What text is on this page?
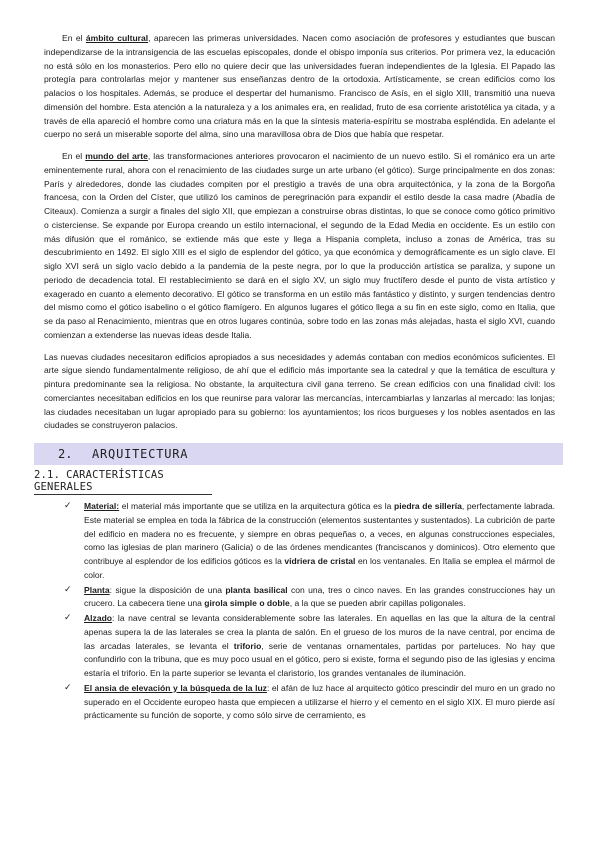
En el ámbito cultural, aparecen las primeras universidades. Nacen como asociación de profesores y estudiantes que buscan independizarse de la intransigencia de las escuelas episcopales, donde el obispo imponía sus criterios. Por primera vez, la educación no está sólo en los monasterios. Pero ello no quiere decir que las universidades fueran independientes de la Iglesia. El Papado las protegía para controlarlas mejor y mantener sus enseñanzas dentro de la ortodoxia. Artísticamente, se crean edificios como los palacios o los hospitales. Además, se produce el despertar del humanismo. Francisco de Asís, en el siglo XIII, transmitió una nueva dimensión del hombre. Esta atención a la naturaleza y a los animales era, en realidad, fruto de esa corriente aristotélica ya citada, y a través de ella apareció el hombre como una criatura más en la que la síntesis materia-espíritu se mostraba espléndida. En adelante el cuerpo no será un miserable soporte del alma, sino una maravillosa obra de Dios que había que respetar.

En el mundo del arte, las transformaciones anteriores provocaron el nacimiento de un nuevo estilo. Si el románico era un arte eminentemente rural, ahora con el renacimiento de las ciudades surge un arte urbano (el gótico). Surge principalmente en dos zonas: París y alrededores, donde las ciudades compiten por el prestigio a través de una obra arquitectónica, y la zona de la Borgoña francesa, con la Orden del Císter, que utilizó los caminos de peregrinación para expandir el estilo desde la casa madre (Abadía de Citeaux). Comienza a surgir a finales del siglo XII, que empiezan a construirse obras distintas, lo que se conoce como gótico primitivo o cisterciense. Se expande por Europa creando un estilo internacional, el segundo de la Edad Media en occidente. Es un estilo con más difusión que el románico, se extiende más que este y llega a Hispania completa, incluso a zonas de América, tras su descubrimiento en 1492. El siglo XIII es el siglo de esplendor del gótico, ya que económica y demográficamente es un siglo clave. El siglo XVI será un siglo vacío debido a la pandemia de la peste negra, por lo que la producción artística se paraliza, y supone un periodo de decadencia total. El restablecimiento se dará en el siglo XV, un siglo muy fructífero desde el punto de vista artístico y exagerado en cuanto a elemento decorativo. El gótico se transforma en un estilo más fantástico y distinto, y surgen tendencias dentro del mismo como el gótico isabelino o el gótico flamígero. En algunos lugares el gótico llega a su fin en este siglo, como en Italia, que se da paso al Renacimiento, mientras que en otros lugares continúa, sobre todo en las zonas más alejadas, hasta el siglo XVI, cuando comienzan a extenderse las nuevas ideas desde Italia.

Las nuevas ciudades necesitaron edificios apropiados a sus necesidades y además contaban con medios económicos suficientes. El arte sigue siendo fundamentalmente religioso, de ahí que el edificio más importante sea la catedral y que la temática de escultura y pintura predominante sea la religiosa. No obstante, la arquitectura civil gana terreno. Se crean edificios con una finalidad civil: los comerciantes necesitaban edificios en los que reunirse para valorar las mercancías, intercambiarlas y lanzarlas al mercado: las lonjas; las ciudades necesitaban un lugar apropiado para su gobierno: los ayuntamientos; los ricos burgueses y los nobles asentados en las ciudades se construyeron palacios.

2.	ARQUITECTURA
2.1. CARACTERÍSTICAS GENERALES
✓ Material: el material más importante que se utiliza en la arquitectura gótica es la piedra de sillería, perfectamente labrada. Este material se emplea en toda la fábrica de la construcción (elementos sustentantes y sustentados). La cubrición de parte del edificio en madera no es frecuente, y siempre en obras pequeñas o, a veces, en algunas construcciones especiales, como las iglesias de plan marinero (Galicia) o de las órdenes mendicantes (franciscanos y dominicos). Otro elemento que contribuye al esplendor de los edificios góticos es la vidriera de cristal en los ventanales. En Italia se emplea el mármol de color.
✓ Planta: sigue la disposición de una planta basilical con una, tres o cinco naves. En las grandes construcciones hay un crucero. La cabecera tiene una girola simple o doble, a la que se pueden abrir capillas poligonales.
✓ Alzado: la nave central se levanta considerablemente sobre las laterales. En aquellas en las que la altura de la central apenas supera la de las laterales se crea la planta de salón. En el grueso de los muros de la nave central, por encima de las arcadas laterales, se levanta el triforio, serie de ventanas ornamentales, partidas por parteluces. No hay que confundirlo con la tribuna, que es muy poco usual en el gótico, pero si existe, forma el segundo piso de las iglesias y encima estaría el triforio. En la parte superior se levanta el claristorio, los grandes ventanales de iluminación.
✓ El ansia de elevación y la búsqueda de la luz: el afán de luz hace al arquitecto gótico prescindir del muro en un grado no superado en el Occidente europeo hasta que empiecen a utilizarse el hierro y el cemento en el siglo XIX. El muro pierde así prácticamente su función de soporte, y como sólo sirve de cerramiento, es
